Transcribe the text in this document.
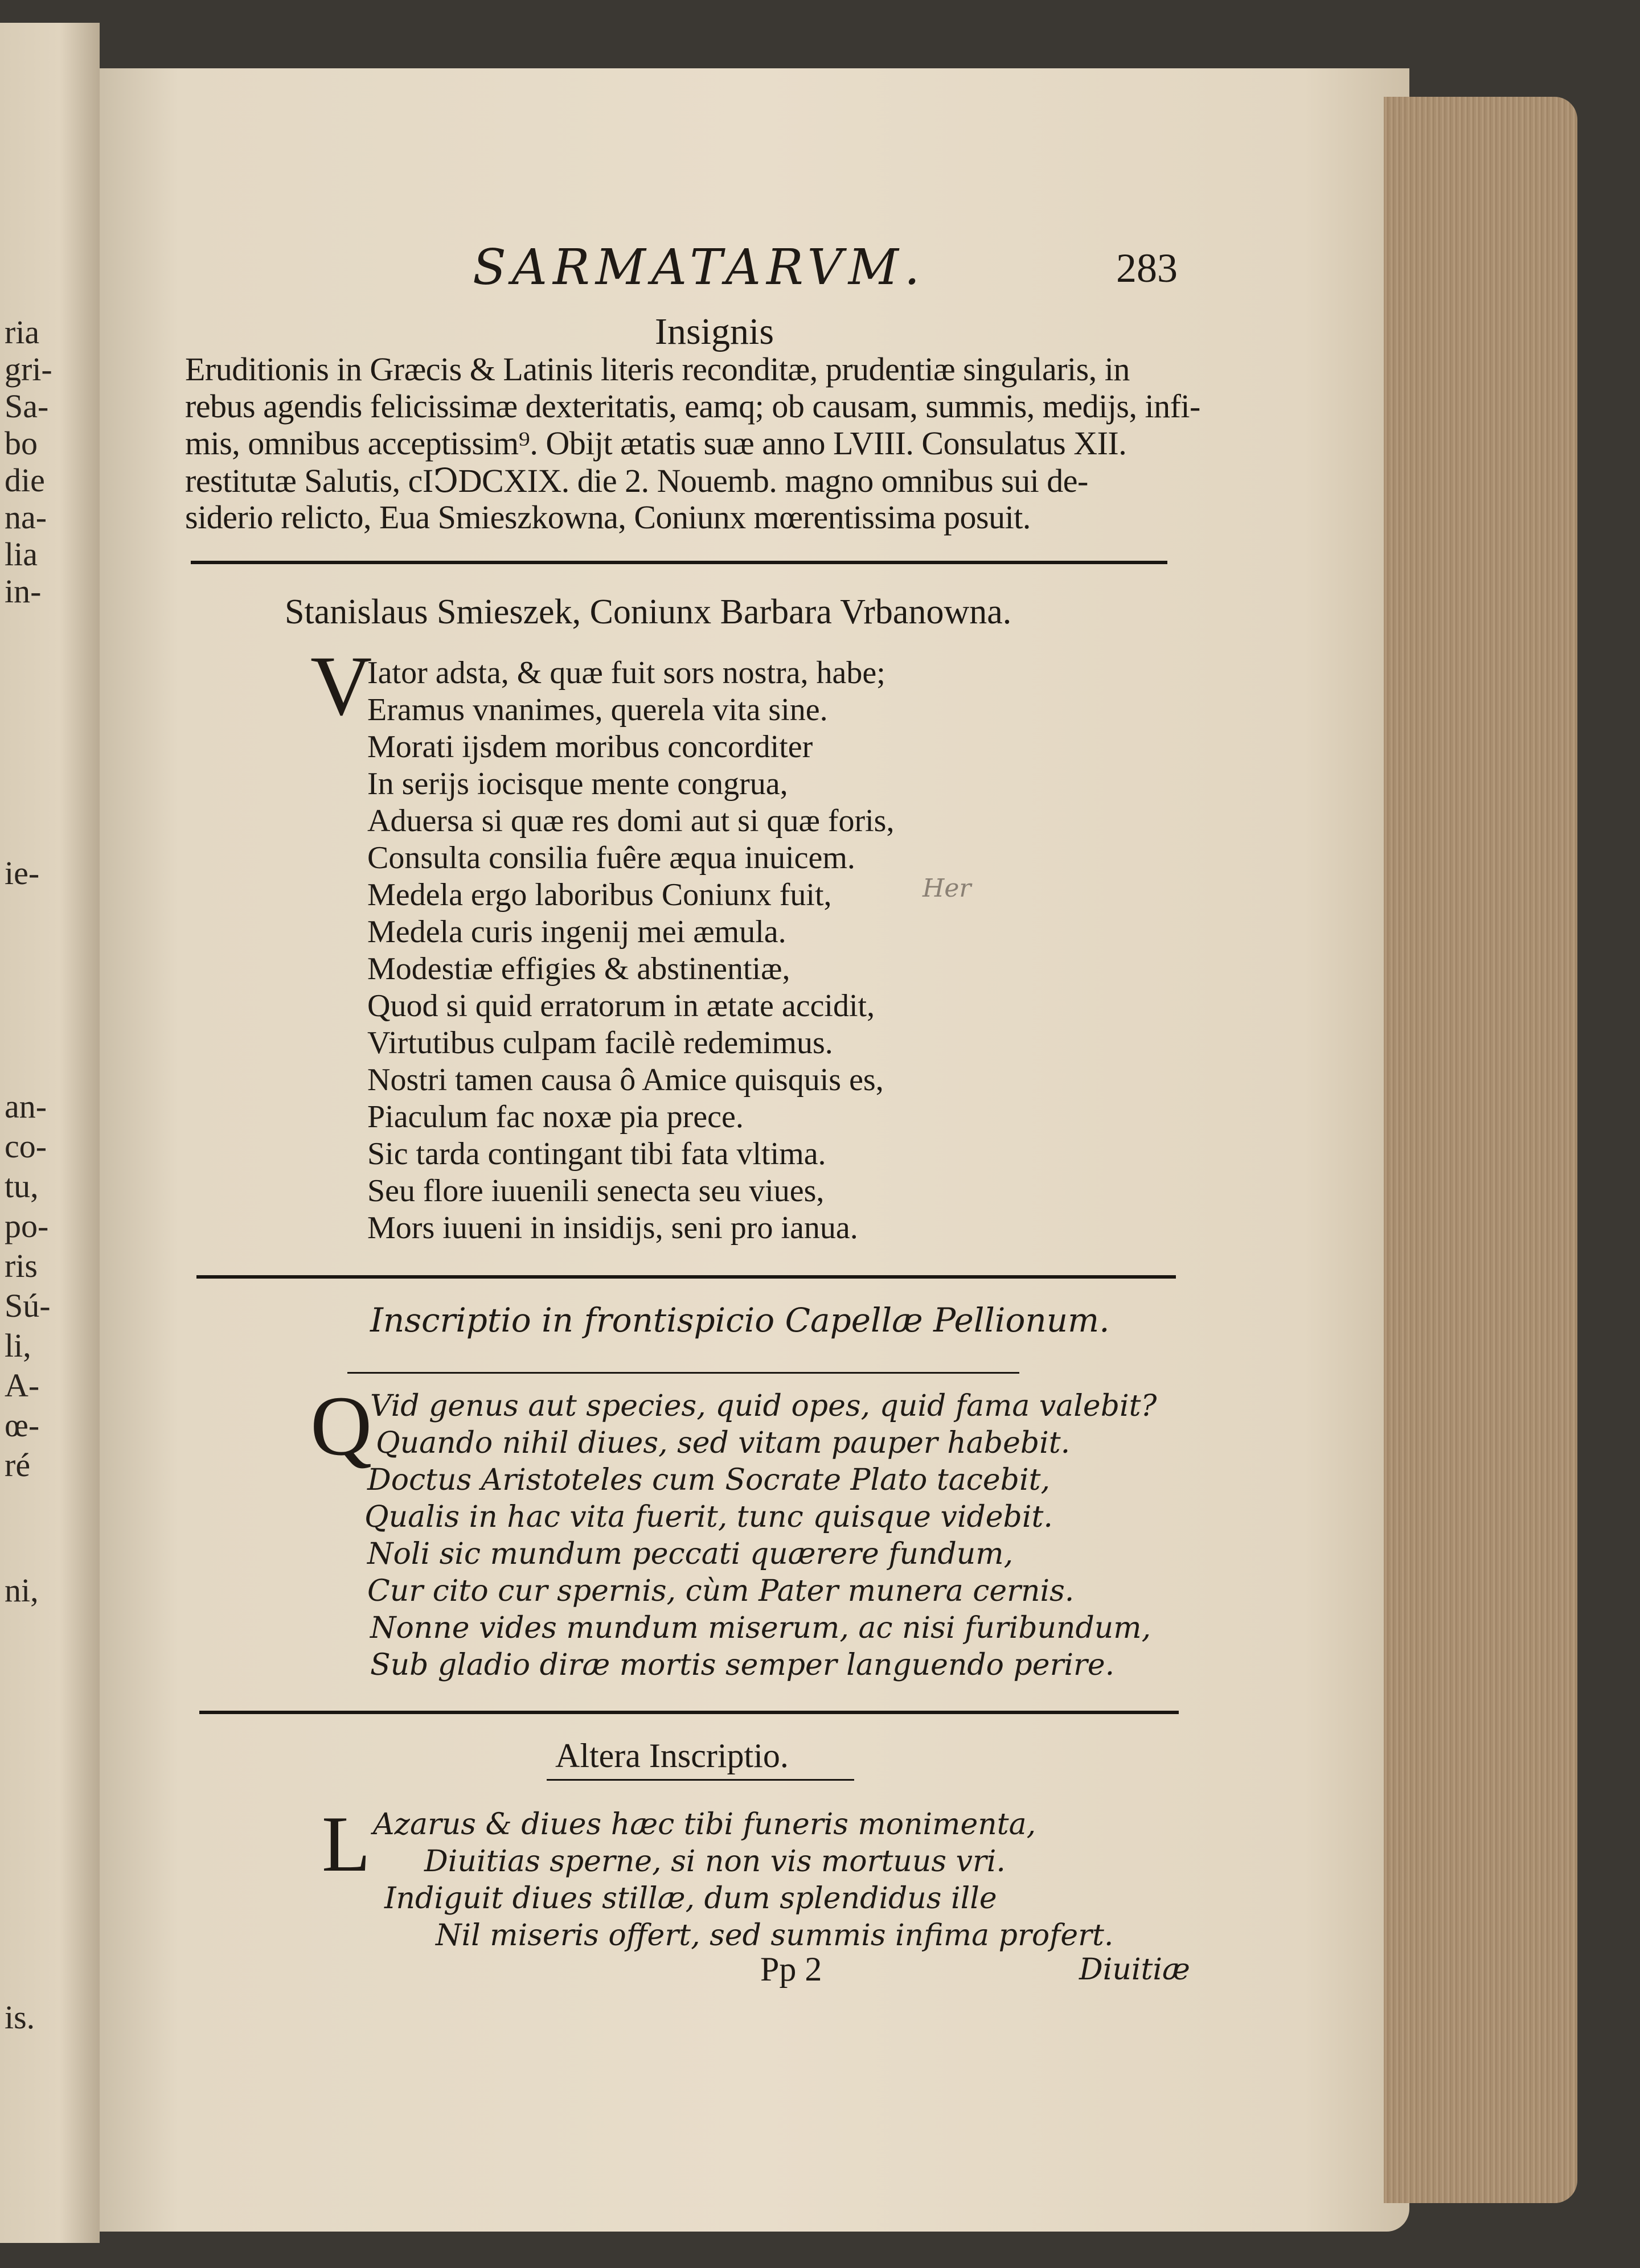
ria
gri-
Sa-
bo
die
na-
lia
in-
ie-
an-
co-
tu,
po-
ris
Sú-
li,
A-
œ-
ré
ni,
is.
SARMATARVM.	283
Insignis
Eruditionis in Græcis & Latinis literis reconditæ, prudentiæ singularis, in
rebus agendis felicissimæ dexteritatis, eamq; ob causam, summis, medijs, infi-
mis, omnibus acceptissim⁹. Obijt ætatis suæ anno LVIII. Consulatus XII.
restitutæ Salutis, cIↃDCXIX. die 2. Nouemb. magno omnibus sui de-
siderio relicto, Eua Smieszkowna, Coniunx mœrentissima posuit.
Stanislaus Smieszek, Coniunx Barbara Vrbanowna.
V
Iator adsta, & quæ fuit sors nostra, habe;
Eramus vnanimes, querela vita sine.
Morati ijsdem moribus concorditer
In serijs iocisque mente congrua,
Aduersa si quæ res domi aut si quæ foris,
Consulta consilia fuêre æqua inuicem.
Medela ergo laboribus Coniunx fuit,
Medela curis ingenij mei æmula.
Modestiæ effigies & abstinentiæ,
Quod si quid erratorum in ætate accidit,
Virtutibus culpam facilè redemimus.
Nostri tamen causa ô Amice quisquis es,
Piaculum fac noxæ pia prece.
Sic tarda contingant tibi fata vltima.
Seu flore iuuenili senecta seu viues,
Mors iuueni in insidijs, seni pro ianua.
Her
Inscriptio in frontispicio Capellæ Pellionum.
Q
Vid genus aut species, quid opes, quid fama valebit?
Quando nihil diues, sed vitam pauper habebit.
Doctus Aristoteles cum Socrate Plato tacebit,
Qualis in hac vita fuerit, tunc quisque videbit.
Noli sic mundum peccati quærere fundum,
Cur cito cur spernis, cùm Pater munera cernis.
Nonne vides mundum miserum, ac nisi furibundum,
Sub gladio diræ mortis semper languendo perire.
Altera Inscriptio.
L Azarus & diues hæc tibi funeris monimenta,
Diuitias sperne, si non vis mortuus vri.
Indiguit diues stillæ, dum splendidus ille
Nil miseris offert, sed summis infima profert.
Pp 2	Diuitiæ
